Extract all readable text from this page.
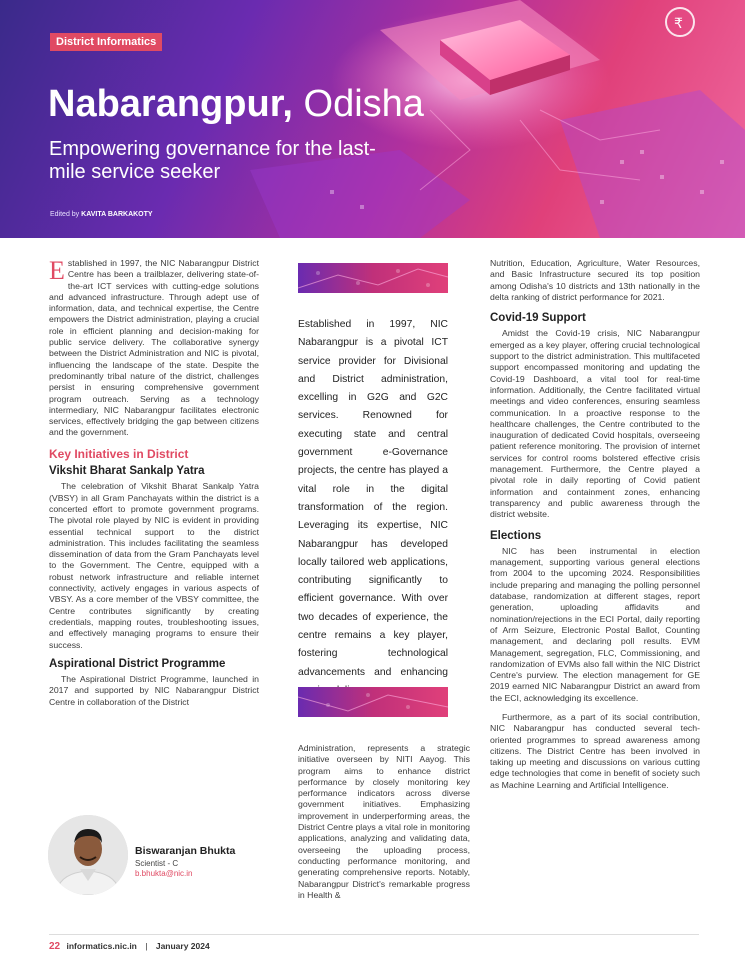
₹
District Informatics
Nabarangpur, Odisha
Empowering governance for the last-mile service seeker
Edited by KAVITA BARKAKOTY

Established in 1997, the NIC Nabarangpur District Centre has been a trailblazer, delivering state-of-the-art ICT services with cutting-edge solutions and advanced infrastructure. Through adept use of information, data, and technical expertise, the Centre empowers the District administration, playing a crucial role in efficient planning and decision-making for public service delivery. The collaborative synergy between the District Administration and NIC is pivotal, influencing the landscape of the state. Despite the predominantly tribal nature of the district, challenges persist in ensuring comprehensive government program outreach. Serving as a technology intermediary, NIC Nabarangpur facilitates electronic services, effectively bridging the gap between citizens and the government.

Key Initiatives in District
Vikshit Bharat Sankalp Yatra

The celebration of Vikshit Bharat Sankalp Yatra (VBSY) in all Gram Panchayats within the district is a concerted effort to promote government programs. The pivotal role played by NIC is evident in providing essential technical support to the district administration. This includes facilitating the seamless dissemination of data from the Gram Panchayats level to the Government. The Centre, equipped with a robust network infrastructure and reliable internet connectivity, actively engages in various aspects of VBSY. As a core member of the VBSY committee, the Centre contributes significantly by creating credentials, mapping routes, troubleshooting issues, and effectively managing programs to ensure their success.

Aspirational District Programme

The Aspirational District Programme, launched in 2017 and supported by NIC Nabarangpur District Centre in collaboration of the District

Established in 1997, NIC Nabarangpur is a pivotal ICT service provider for Divisional and District administration, excelling in G2G and G2C services. Renowned for executing state and central government e-Governance projects, the centre has played a vital role in the digital transformation of the region. Leveraging its expertise, NIC Nabarangpur has developed locally tailored web applications, contributing significantly to efficient governance. With over two decades of experience, the centre remains a key player, fostering technological advancements and enhancing

Administration, represents a strategic initiative overseen by NITI Aayog. This program aims to enhance district performance by closely monitoring key performance indicators across diverse government initiatives. Emphasizing improvement in underperforming areas, the District Centre plays a vital role in monitoring applications, analyzing and validating data, overseeing the uploading process, conducting performance monitoring, and generating comprehensive reports. Notably, Nabarangpur District's remarkable progress in Health &

Nutrition, Education, Agriculture, Water Resources, and Basic Infrastructure secured its top position among Odisha's 10 districts and 13th nationally in the delta ranking of district performance for 2021.

Covid-19 Support

Amidst the Covid-19 crisis, NIC Nabarangpur emerged as a key player, offering crucial technological support to the district administration. This multifaceted support encompassed monitoring and updating the Covid-19 Dashboard, a vital tool for real-time information. Additionally, the Centre facilitated virtual meetings and video conferences, ensuring seamless communication. In a proactive response to the healthcare challenges, the Centre contributed to the inauguration of dedicated Covid hospitals, overseeing patient reference monitoring. The provision of internet services for control rooms bolstered effective crisis management. Furthermore, the Centre played a pivotal role in daily reporting of Covid patient information and containment zones, enhancing transparency and public awareness through the district website.

Elections

NIC has been instrumental in election management, supporting various general elections from 2004 to the upcoming 2024. Responsibilities include preparing and managing the polling personnel database, randomization at different stages, report generation, uploading affidavits and nomination/rejections in the ECI Portal, daily reporting of Arm Seizure, Electronic Postal Ballot, Counting management, and declaring poll results. EVM Management, segregation, FLC, Commissioning, and randomization of EVMs also fall within the NIC District Centre's purview. The election management for GE 2019 earned NIC Nabarangpur District an award from the ECI, acknowledging its excellence.

Furthermore, as a part of its social contribution, NIC Nabarangpur has conducted several tech-oriented programmes to spread awareness among citizens. The District Centre has been involved in taking up meeting and discussions on various cutting edge technologies that come in benefit of society such as Machine Learning and Artificial Intelligence.

Biswaranjan Bhukta
Scientist - C
b.bhukta@nic.in
22 informatics.nic.in | January 2024
